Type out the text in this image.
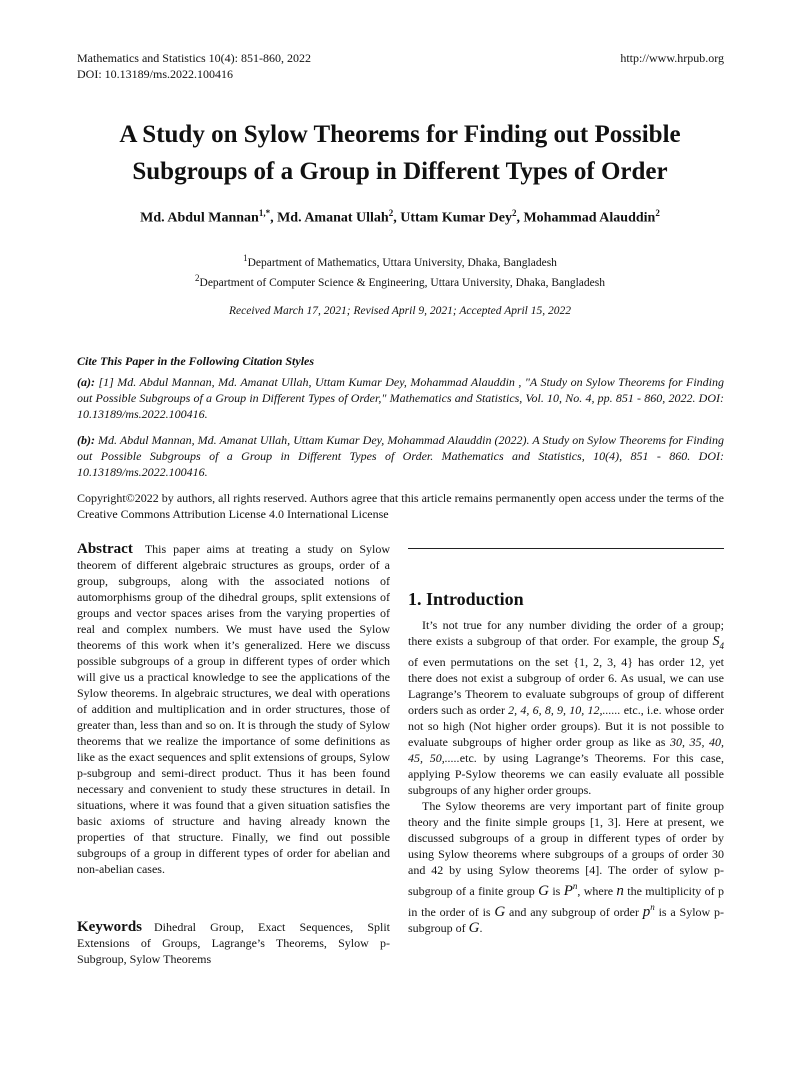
Mathematics and Statistics 10(4): 851-860, 2022
DOI: 10.13189/ms.2022.100416
http://www.hrpub.org
A Study on Sylow Theorems for Finding out Possible
Subgroups of a Group in Different Types of Order
Md. Abdul Mannan$^{1,*}$, Md. Amanat Ullah$^2$, Uttam Kumar Dey$^2$, Mohammad Alauddin$^2$
$^1$Department of Mathematics, Uttara University, Dhaka, Bangladesh
$^2$Department of Computer Science & Engineering, Uttara University, Dhaka, Bangladesh
Received March 17, 2021; Revised April 9, 2021; Accepted April 15, 2022
Cite This Paper in the Following Citation Styles
(a): [1] Md. Abdul Mannan, Md. Amanat Ullah, Uttam Kumar Dey, Mohammad Alauddin , "A Study on Sylow Theorems for Finding out Possible Subgroups of a Group in Different Types of Order," Mathematics and Statistics, Vol. 10, No. 4, pp. 851 - 860, 2022. DOI: 10.13189/ms.2022.100416.
(b): Md. Abdul Mannan, Md. Amanat Ullah, Uttam Kumar Dey, Mohammad Alauddin (2022). A Study on Sylow Theorems for Finding out Possible Subgroups of a Group in Different Types of Order. Mathematics and Statistics, 10(4), 851 - 860. DOI: 10.13189/ms.2022.100416.
Copyright©2022 by authors, all rights reserved. Authors agree that this article remains permanently open access under the terms of the Creative Commons Attribution License 4.0 International License
Abstract This paper aims at treating a study on Sylow theorem of different algebraic structures as groups, order of a group, subgroups, along with the associated notions of automorphisms group of the dihedral groups, split extensions of groups and vector spaces arises from the varying properties of real and complex numbers. We must have used the Sylow theorems of this work when it’s generalized. Here we discuss possible subgroups of a group in different types of order which will give us a practical knowledge to see the applications of the Sylow theorems. In algebraic structures, we deal with operations of addition and multiplication and in order structures, those of greater than, less than and so on. It is through the study of Sylow theorems that we realize the importance of some definitions as like as the exact sequences and split extensions of groups, Sylow p-subgroup and semi-direct product. Thus it has been found necessary and convenient to study these structures in detail. In situations, where it was found that a given situation satisfies the basic axioms of structure and having already known the properties of that structure. Finally, we find out possible subgroups of a group in different types of order for abelian and non-abelian cases.
Keywords Dihedral Group, Exact Sequences, Split Extensions of Groups, Lagrange’s Theorems, Sylow p-Subgroup, Sylow Theorems
1. Introduction

It’s not true for any number dividing the order of a group; there exists a subgroup of that order. For example, the group $S_4$ of even permutations on the set {1, 2, 3, 4} has order 12, yet there does not exist a subgroup of order 6. As usual, we can use Lagrange’s Theorem to evaluate subgroups of group of different orders such as order 2, 4, 6, 8, 9, 10, 12,...... etc., i.e. whose order not so high (Not higher order groups). But it is not possible to evaluate subgroups of higher order group as like as 30, 35, 40, 45, 50,.....etc. by using Lagrange’s Theorems. For this case, applying P-Sylow theorems we can easily evaluate all possible subgroups of any higher order groups.

The Sylow theorems are very important part of finite group theory and the finite simple groups [1, 3]. Here at present, we discussed subgroups of a group in different types of order by using Sylow theorems where subgroups of a groups of order 30 and 42 by using Sylow theorems [4]. The order of sylow p-subgroup of a finite group G is $P^n$, where n the multiplicity of p in the order of is G and any subgroup of order $p^n$ is a Sylow p-subgroup of G.
